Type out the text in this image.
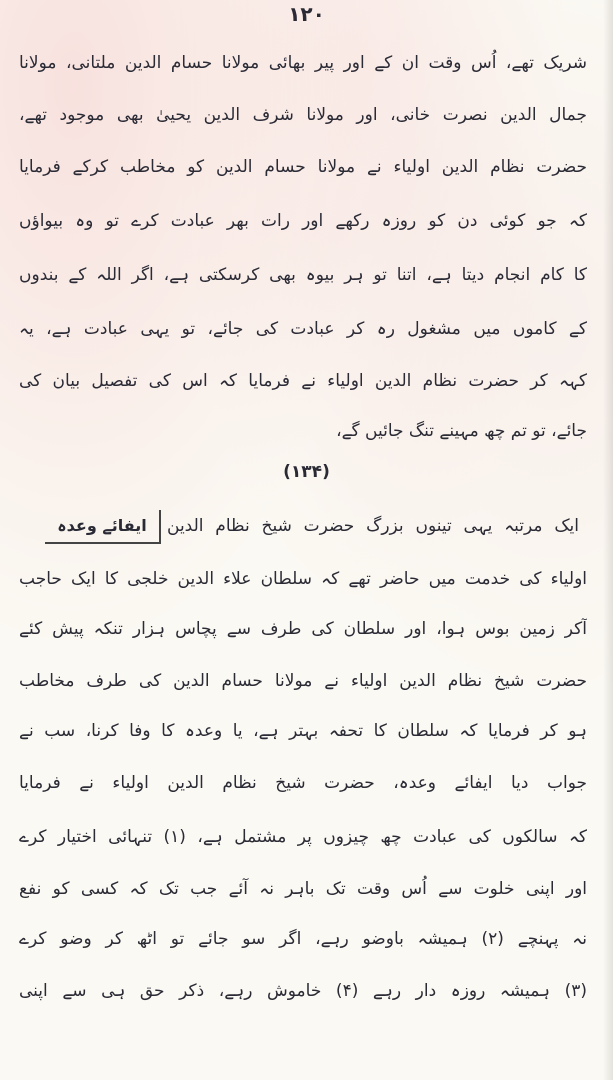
۱۲۰
شریک تھے، اُس وقت ان کے اور پیر بھائی مولانا حسام الدین ملتانی، مولانا
جمال الدین نصرت خانی، اور مولانا شرف الدین یحییٰ بھی موجود تھے،
حضرت نظام الدین اولیاء نے مولانا حسام الدین کو مخاطب کرکے فرمایا
کہ جو کوئی دن کو روزہ رکھے اور رات بھر عبادت کرے تو وہ بیواؤں
کا کام انجام دیتا ہے، اتنا تو ہر بیوہ بھی کرسکتی ہے، اگر اللہ کے بندوں
کے کاموں میں مشغول رہ کر عبادت کی جائے، تو یہی عبادت ہے، یہ
کہہ کر حضرت نظام الدین اولیاء نے فرمایا کہ اس کی تفصیل بیان کی
جائے، تو تم چھ مہینے تنگ جائیں گے،
(۱۳۴)
ایک مرتبہ یہی تینوں بزرگ حضرت شیخ نظام الدین
ایفائے وعدہ
اولیاء کی خدمت میں حاضر تھے کہ سلطان علاء الدین خلجی کا ایک حاجب
آکر زمین بوس ہوا، اور سلطان کی طرف سے پچاس ہزار تنکہ پیش کئے
حضرت شیخ نظام الدین اولیاء نے مولانا حسام الدین کی طرف مخاطب
ہو کر فرمایا کہ سلطان کا تحفہ بہتر ہے، یا وعدہ کا وفا کرنا، سب نے
جواب دیا ایفائے وعدہ، حضرت شیخ نظام الدین اولیاء نے فرمایا
کہ سالکوں کی عبادت چھ چیزوں پر مشتمل ہے، (۱) تنہائی اختیار کرے
اور اپنی خلوت سے اُس وقت تک باہر نہ آئے جب تک کہ کسی کو نفع
نہ پہنچے (۲) ہمیشہ باوضو رہے، اگر سو جائے تو اٹھ کر وضو کرے
(۳) ہمیشہ روزہ دار رہے (۴) خاموش رہے، ذکر حق ہی سے اپنی
